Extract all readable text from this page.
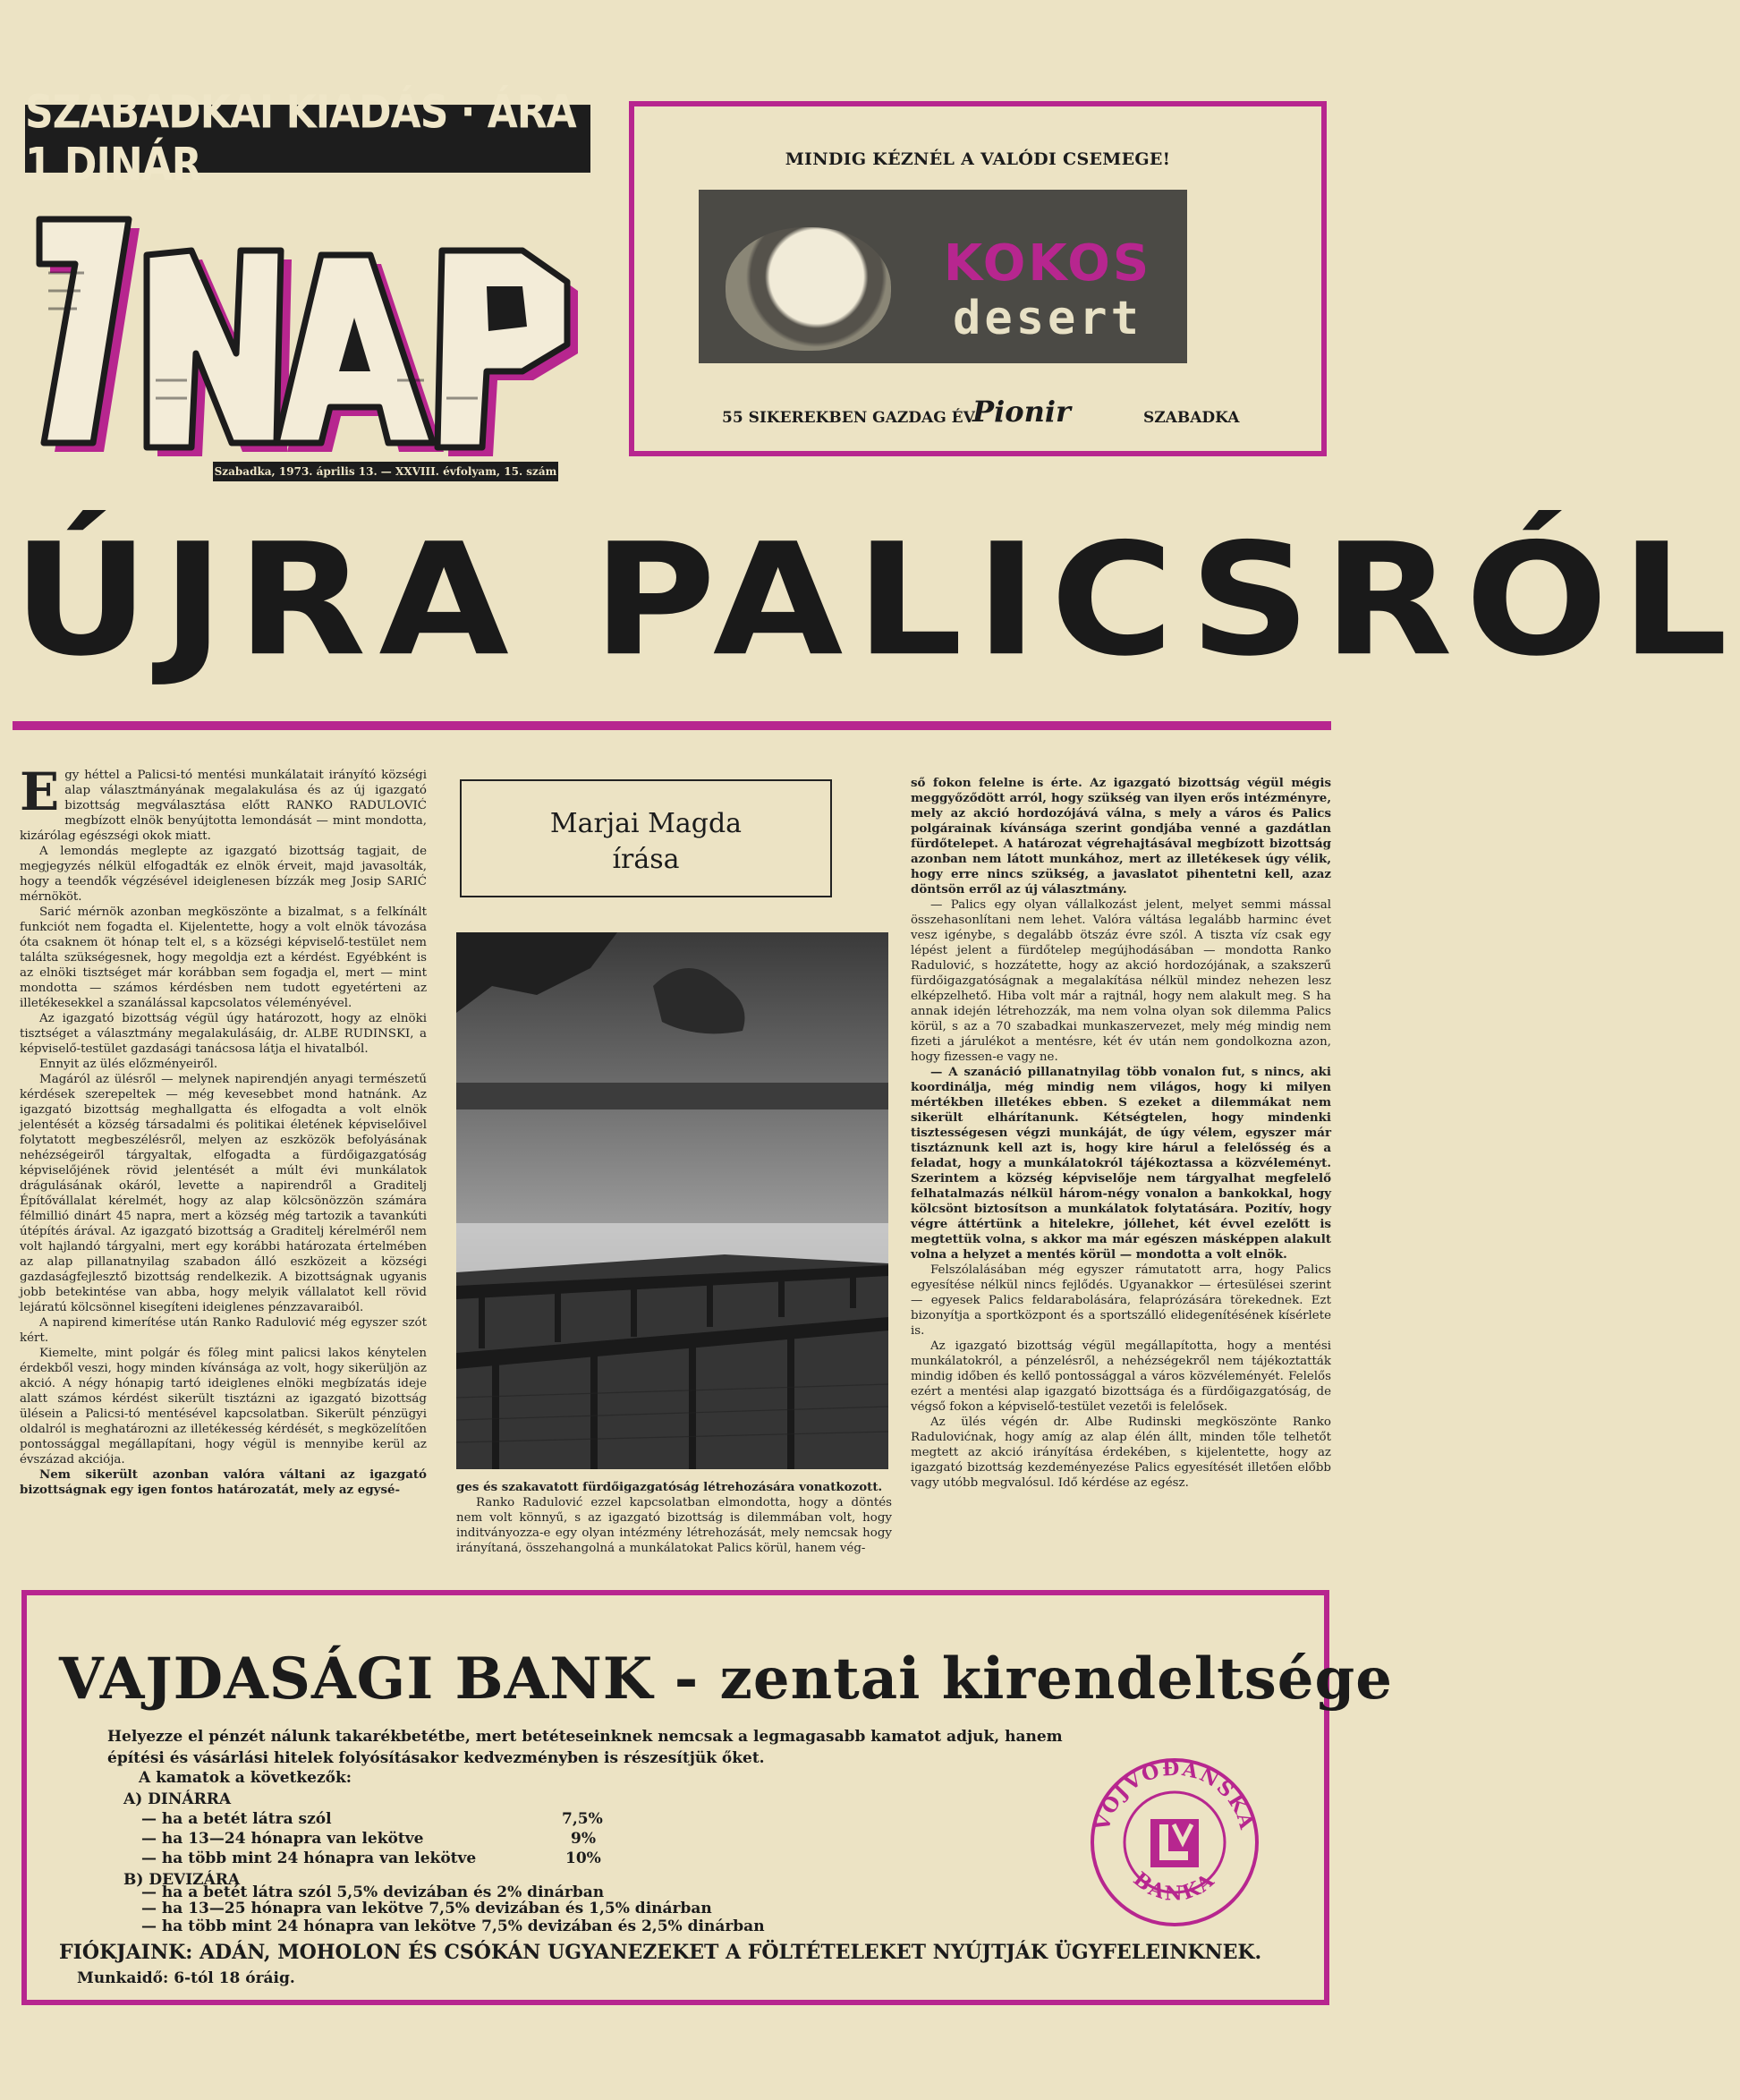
SZABADKAI KIADÁS · ÁRA 1 DINÁR
Szabadka, 1973. április 13. — XXVIII. évfolyam, 15. szám
MINDIG KÉZNÉL A VALÓDI CSEMEGE!
KOKOS
desert
55 SIKEREKBEN GAZDAG ÉV
Pionir	SZABADKA
ÚJRA PALICSRÓL

Egy héttel a Palicsi-tó mentési munkálatait irányító községi alap választmányának megalakulása és az új igazgató bizottság megválasztása előtt RANKO RADULOVIĆ megbízott elnök benyújtotta lemondását — mint mondotta, kizárólag egészségi okok miatt.

A lemondás meglepte az igazgató bizottság tagjait, de megjegyzés nélkül elfogadták ez elnök érveit, majd javasolták, hogy a teendők végzésével ideiglenesen bízzák meg Josip SARIĆ mérnököt.

Sarić mérnök azonban megköszönte a bizalmat, s a felkínált funkciót nem fogadta el. Kijelentette, hogy a volt elnök távozása óta csaknem öt hónap telt el, s a községi képviselő-testület nem találta szükségesnek, hogy megoldja ezt a kérdést. Egyébként is az elnöki tisztséget már korábban sem fogadja el, mert — mint mondotta — számos kérdésben nem tudott egyetérteni az illetékesekkel a szanálással kapcsolatos véleményével.

Az igazgató bizottság végül úgy határozott, hogy az elnöki tisztséget a választmány megalakulásáig, dr. ALBE RUDINSKI, a képviselő-testület gazdasági tanácsosa látja el hivatalból.

Ennyit az ülés előzményeiről.

Magáról az ülésről — melynek napirendjén anyagi természetű kérdések szerepeltek — még kevesebbet mond hatnánk. Az igazgató bizottság meghallgatta és elfogadta a volt elnök jelentését a község társadalmi és politikai életének képviselőivel folytatott megbeszélésről, melyen az eszközök befolyásának nehézségeiről tárgyaltak, elfogadta a fürdőigazgatóság képviselőjének rövid jelentését a múlt évi munkálatok drágulásának okáról, levette a napirendről a Graditelj Építővállalat kérelmét, hogy az alap kölcsönözzön számára félmillió dinárt 45 napra, mert a község még tartozik a tavankúti útépítés árával. Az igazgató bizottság a Graditelj kérelméről nem volt hajlandó tárgyalni, mert egy korábbi határozata értelmében az alap pillanatnyilag szabadon álló eszközeit a községi gazdaságfejlesztő bizottság rendelkezik. A bizottságnak ugyanis jobb betekintése van abba, hogy melyik vállalatot kell rövid lejáratú kölcsönnel kisegíteni ideiglenes pénzzavaraiból.

A napirend kimerítése után Ranko Radulović még egyszer szót kért.

Kiemelte, mint polgár és főleg mint palicsi lakos kénytelen érdekből veszi, hogy minden kívánsága az volt, hogy sikerüljön az akció. A négy hónapig tartó ideiglenes elnöki megbízatás ideje alatt számos kérdést sikerült tisztázni az igazgató bizottság ülésein a Palicsi-tó mentésével kapcsolatban. Sikerült pénzügyi oldalról is meghatározni az illetékesség kérdését, s megközelítően pontossággal megállapítani, hogy végül is mennyibe kerül az évszázad akciója.

Nem sikerült azonban valóra váltani az igazgató bizottságnak egy igen fontos határozatát, mely az egysé-

Marjai Magda
írása

ges és szakavatott fürdőigazgatóság létrehozására vonatkozott.

Ranko Radulović ezzel kapcsolatban elmondotta, hogy a döntés nem volt könnyű, s az igazgató bizottság is dilemmában volt, hogy inditványozza-e egy olyan intézmény létrehozását, mely nemcsak hogy irányítaná, összehangolná a munkálatokat Palics körül, hanem vég-

ső fokon felelne is érte. Az igazgató bizottság végül mégis meggyőződött arról, hogy szükség van ilyen erős intézményre, mely az akció hordozójává válna, s mely a város és Palics polgárainak kívánsága szerint gondjába venné a gazdátlan fürdőtelepet. A határozat végrehajtásával megbízott bizottság azonban nem látott munkához, mert az illetékesek úgy vélik, hogy erre nincs szükség, a javaslatot pihentetni kell, azaz döntsön erről az új választmány.

— Palics egy olyan vállalkozást jelent, melyet semmi mással összehasonlítani nem lehet. Valóra váltása legalább harminc évet vesz igénybe, s degalább ötszáz évre szól. A tiszta víz csak egy lépést jelent a fürdőtelep megújhodásában — mondotta Ranko Radulović, s hozzátette, hogy az akció hordozójának, a szakszerű fürdőigazgatóságnak a megalakítása nélkül mindez nehezen lesz elképzelhető. Hiba volt már a rajtnál, hogy nem alakult meg. S ha annak idején létrehozzák, ma nem volna olyan sok dilemma Palics körül, s az a 70 szabadkai munkaszervezet, mely még mindig nem fizeti a járulékot a mentésre, két év után nem gondolkozna azon, hogy fizessen-e vagy ne.

— A szanáció pillanatnyilag több vonalon fut, s nincs, aki koordinálja, még mindig nem világos, hogy ki milyen mértékben illetékes ebben. S ezeket a dilemmákat nem sikerült elhárítanunk. Kétségtelen, hogy mindenki tisztességesen végzi munkáját, de úgy vélem, egyszer már tisztáznunk kell azt is, hogy kire hárul a felelősség és a feladat, hogy a munkálatokról tájékoztassa a közvéleményt. Szerintem a község képviselője nem tárgyalhat megfelelő felhatalmazás nélkül három-négy vonalon a bankokkal, hogy kölcsönt biztosítson a munkálatok folytatására. Pozitív, hogy végre áttértünk a hitelekre, jóllehet, két évvel ezelőtt is megtettük volna, s akkor ma már egészen másképpen alakult volna a helyzet a mentés körül — mondotta a volt elnök.

Felszólalásában még egyszer rámutatott arra, hogy Palics egyesítése nélkül nincs fejlődés. Ugyanakkor — értesülései szerint — egyesek Palics feldarabolására, felaprózására törekednek. Ezt bizonyítja a sportközpont és a sportszálló elidegenítésének kísérlete is.

Az igazgató bizottság végül megállapította, hogy a mentési munkálatokról, a pénzelésről, a nehézségekről nem tájékoztatták mindig időben és kellő pontossággal a város közvéleményét. Felelős ezért a mentési alap igazgató bizottsága és a fürdőigazgatóság, de végső fokon a képviselő-testület vezetői is felelősek.

Az ülés végén dr. Albe Rudinski megköszönte Ranko Radulovićnak, hogy amíg az alap élén állt, minden tőle telhetőt megtett az akció irányítása érdekében, s kijelentette, hogy az igazgató bizottság kezdeményezése Palics egyesítését illetően előbb vagy utóbb megvalósul. Idő kérdése az egész.

VAJDASÁGI BANK - zentai kirendeltsége
Helyezze el pénzét nálunk takarékbetétbe, mert betéteseinknek nemcsak a legmagasabb kamatot adjuk, hanem építési és vásárlási hitelek folyósításakor kedvezményben is részesítjük őket.
A kamatok a következők:
A) DINÁRRA
— ha a betét látra szól	7,5%
— ha 13—24 hónapra van lekötve	9%
— ha több mint 24 hónapra van lekötve	10%
B) DEVIZÁRA
— ha a betét látra szól 5,5% devizában és 2% dinárban
— ha 13—25 hónapra van lekötve 7,5% devizában és 1,5% dinárban
— ha több mint 24 hónapra van lekötve 7,5% devizában és 2,5% dinárban
FIÓKJAINK: ADÁN, MOHOLON ÉS CSÓKÁN UGYANEZEKET A FÖLTÉTELEKET NYÚJTJÁK ÜGYFELEINKNEK.
Munkaidő: 6-tól 18 óráig.
VOJVOĐANSKA
BANKA
